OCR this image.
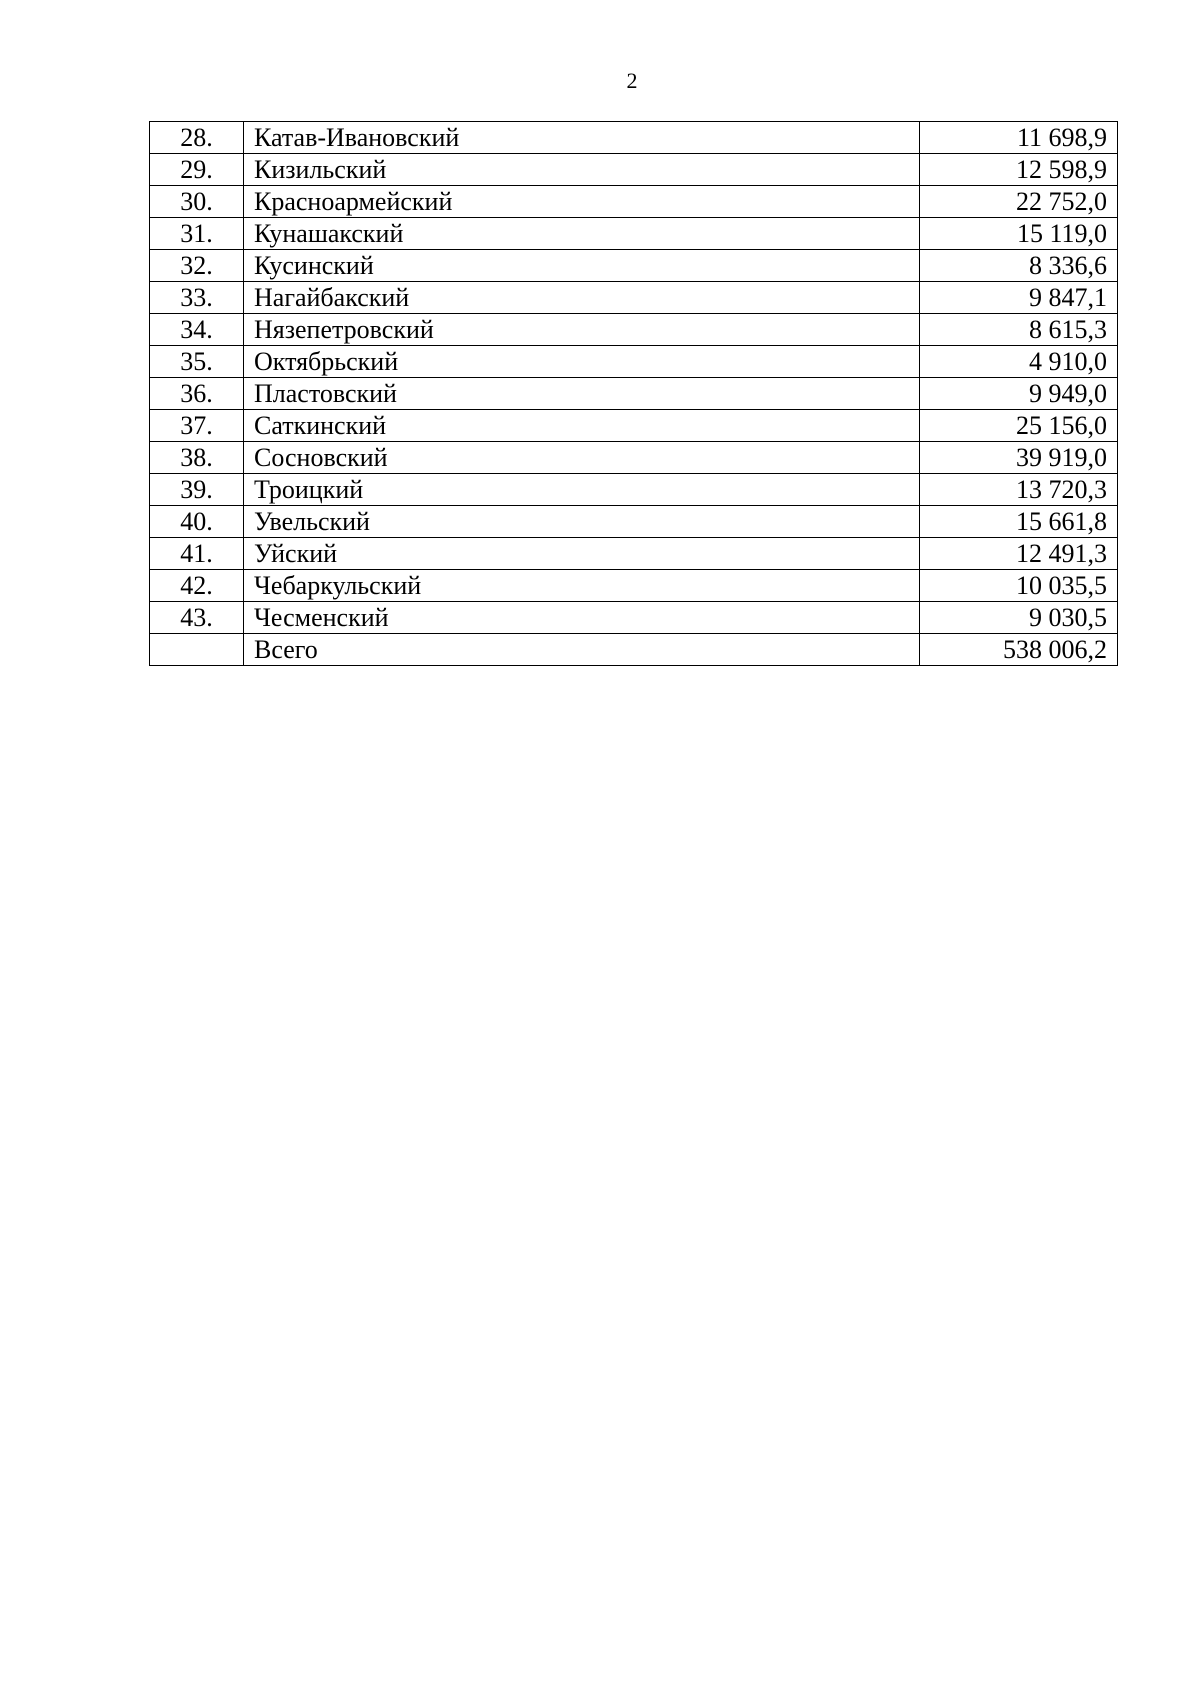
2
28.	Катав-Ивановский	11 698,9
29.	Кизильский	12 598,9
30.	Красноармейский	22 752,0
31.	Кунашакский	15 119,0
32.	Кусинский	8 336,6
33.	Нагайбакский	9 847,1
34.	Нязепетровский	8 615,3
35.	Октябрьский	4 910,0
36.	Пластовский	9 949,0
37.	Саткинский	25 156,0
38.	Сосновский	39 919,0
39.	Троицкий	13 720,3
40.	Увельский	15 661,8
41.	Уйский	12 491,3
42.	Чебаркульский	10 035,5
43.	Чесменский	9 030,5
	Всего	538 006,2
